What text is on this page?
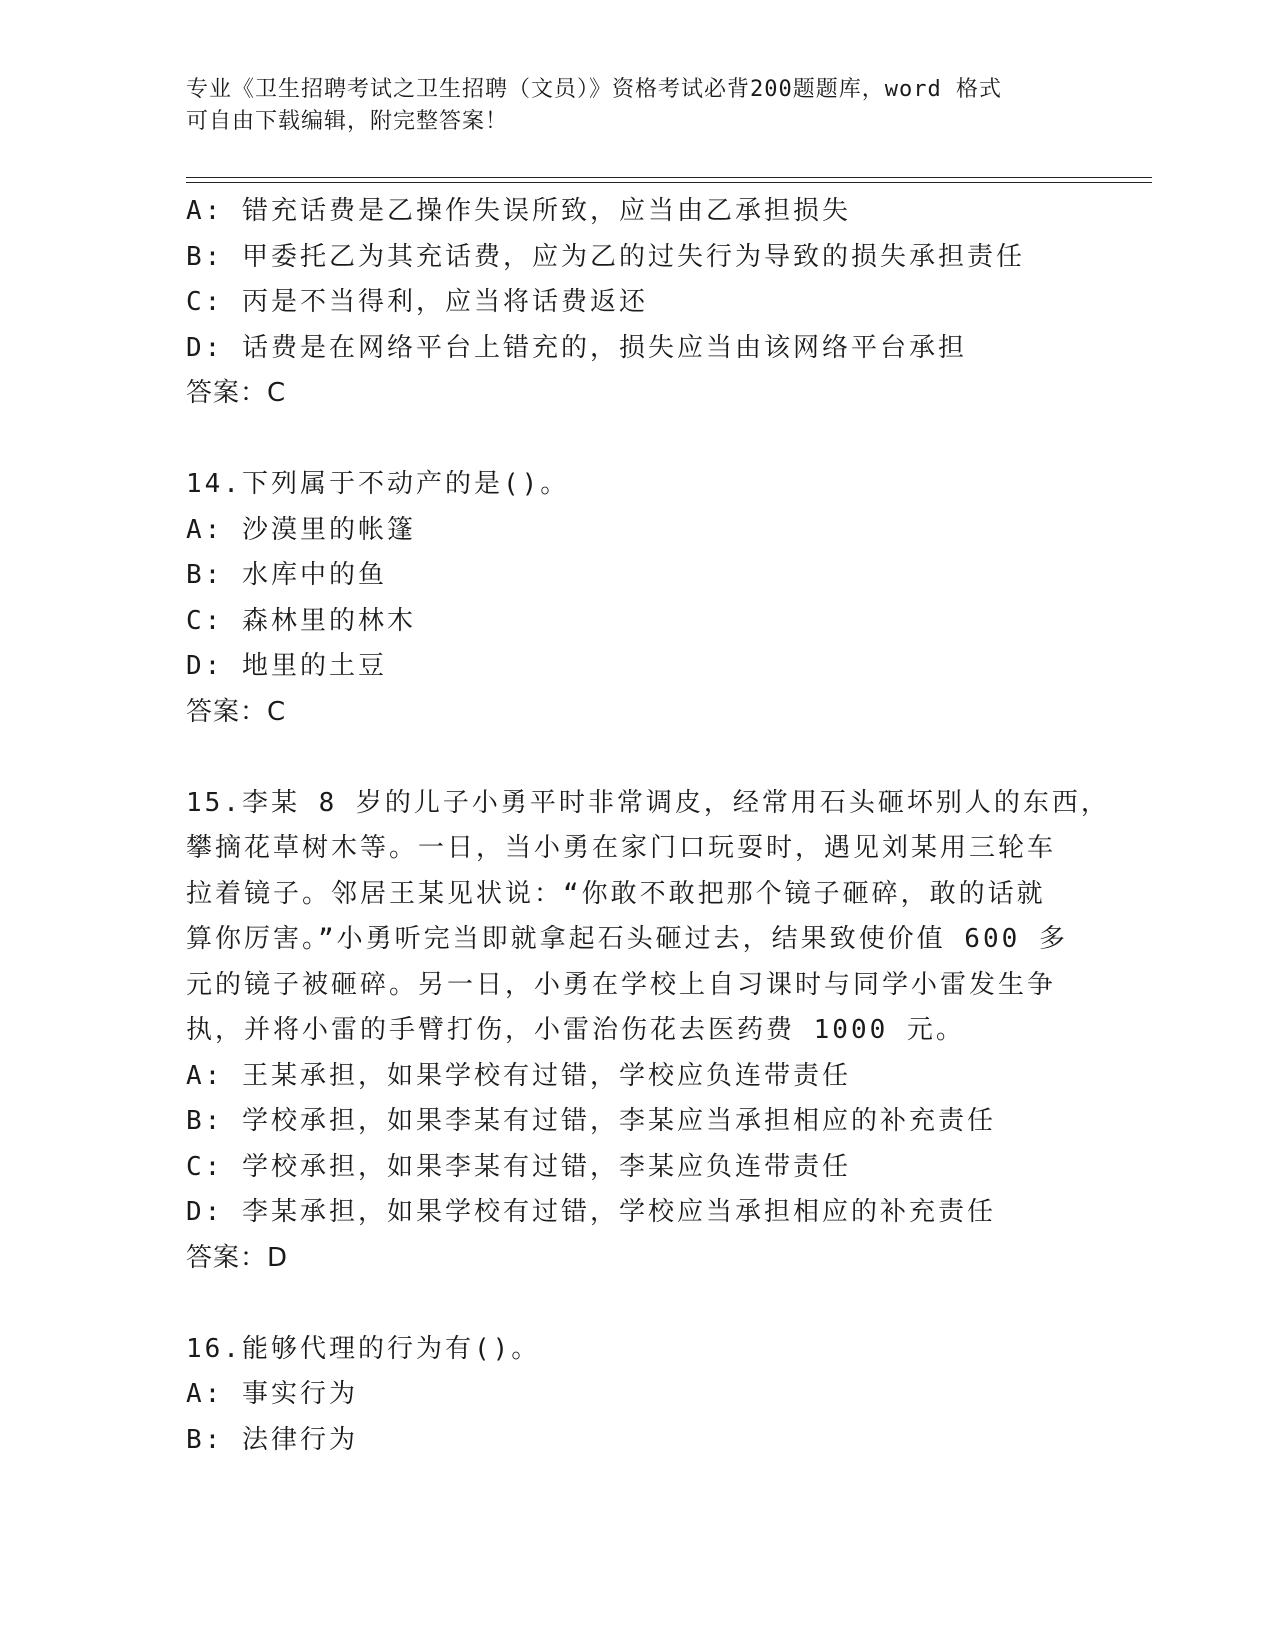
专业《卫生招聘考试之卫生招聘（文员）》资格考试必背200题题库，word 格式
可自由下载编辑，附完整答案！
A: 错充话费是乙操作失误所致，应当由乙承担损失
B: 甲委托乙为其充话费，应为乙的过失行为导致的损失承担责任
C: 丙是不当得利，应当将话费返还
D: 话费是在网络平台上错充的，损失应当由该网络平台承担
答案：C
14.下列属于不动产的是()。
A: 沙漠里的帐篷
B: 水库中的鱼
C: 森林里的林木
D: 地里的土豆
答案：C
15.李某 8 岁的儿子小勇平时非常调皮，经常用石头砸坏别人的东西，
攀摘花草树木等。一日，当小勇在家门口玩耍时，遇见刘某用三轮车
拉着镜子。邻居王某见状说：“你敢不敢把那个镜子砸碎，敢的话就
算你厉害。”小勇听完当即就拿起石头砸过去，结果致使价值 600 多
元的镜子被砸碎。另一日，小勇在学校上自习课时与同学小雷发生争
执，并将小雷的手臂打伤，小雷治伤花去医药费 1000 元。
A: 王某承担，如果学校有过错，学校应负连带责任
B: 学校承担，如果李某有过错，李某应当承担相应的补充责任
C: 学校承担，如果李某有过错，李某应负连带责任
D: 李某承担，如果学校有过错，学校应当承担相应的补充责任
答案：D
16.能够代理的行为有()。
A: 事实行为
B: 法律行为
